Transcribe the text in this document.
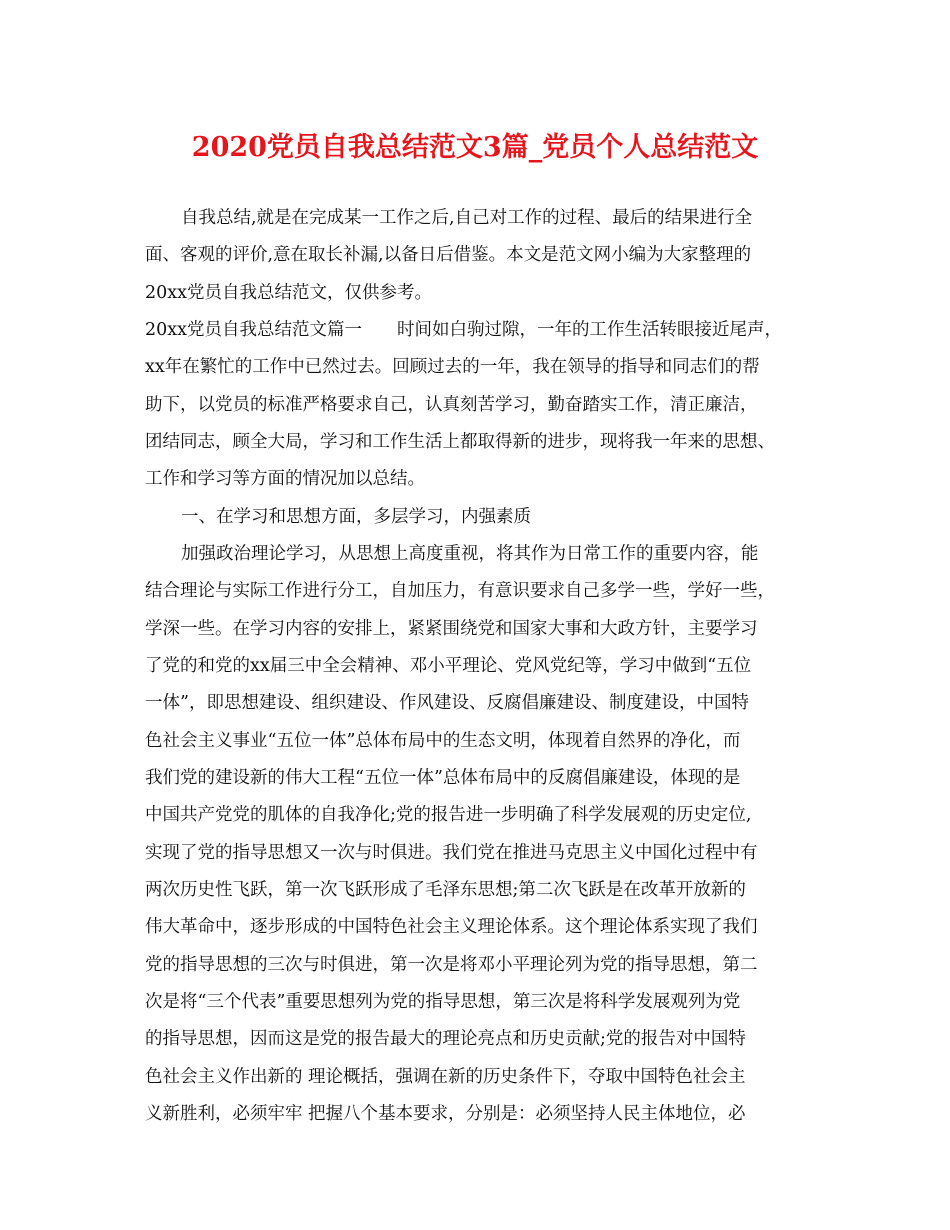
2020党员自我总结范文3篇_党员个人总结范文

自我总结,就是在完成某一工作之后,自己对工作的过程、最后的结果进行全

面、客观的评价,意在取长补漏,以备日后借鉴。本文是范文网小编为大家整理的

20xx党员自我总结范文，仅供参考。

20xx党员自我总结范文篇一　　时间如白驹过隙，一年的工作生活转眼接近尾声，

xx年在繁忙的工作中已然过去。回顾过去的一年，我在领导的指导和同志们的帮

助下，以党员的标准严格要求自己，认真刻苦学习，勤奋踏实工作，清正廉洁，

团结同志，顾全大局，学习和工作生活上都取得新的进步，现将我一年来的思想、

工作和学习等方面的情况加以总结。

一、在学习和思想方面，多层学习，内强素质

加强政治理论学习，从思想上高度重视，将其作为日常工作的重要内容，能

结合理论与实际工作进行分工，自加压力，有意识要求自己多学一些，学好一些，

学深一些。在学习内容的安排上，紧紧围绕党和国家大事和大政方针，主要学习

了党的和党的xx届三中全会精神、邓小平理论、党风党纪等，学习中做到“五位

一体”，即思想建设、组织建设、作风建设、反腐倡廉建设、制度建设，中国特

色社会主义事业“五位一体”总体布局中的生态文明，体现着自然界的净化，而

我们党的建设新的伟大工程“五位一体”总体布局中的反腐倡廉建设，体现的是

中国共产党党的肌体的自我净化;党的报告进一步明确了科学发展观的历史定位,

实现了党的指导思想又一次与时俱进。我们党在推进马克思主义中国化过程中有

两次历史性飞跃，第一次飞跃形成了毛泽东思想;第二次飞跃是在改革开放新的

伟大革命中，逐步形成的中国特色社会主义理论体系。这个理论体系实现了我们

党的指导思想的三次与时俱进，第一次是将邓小平理论列为党的指导思想，第二

次是将“三个代表”重要思想列为党的指导思想，第三次是将科学发展观列为党

的指导思想，因而这是党的报告最大的理论亮点和历史贡献;党的报告对中国特

色社会主义作出新的 理论概括，强调在新的历史条件下，夺取中国特色社会主

义新胜利，必须牢牢 把握八个基本要求，分别是：必须坚持人民主体地位，必
